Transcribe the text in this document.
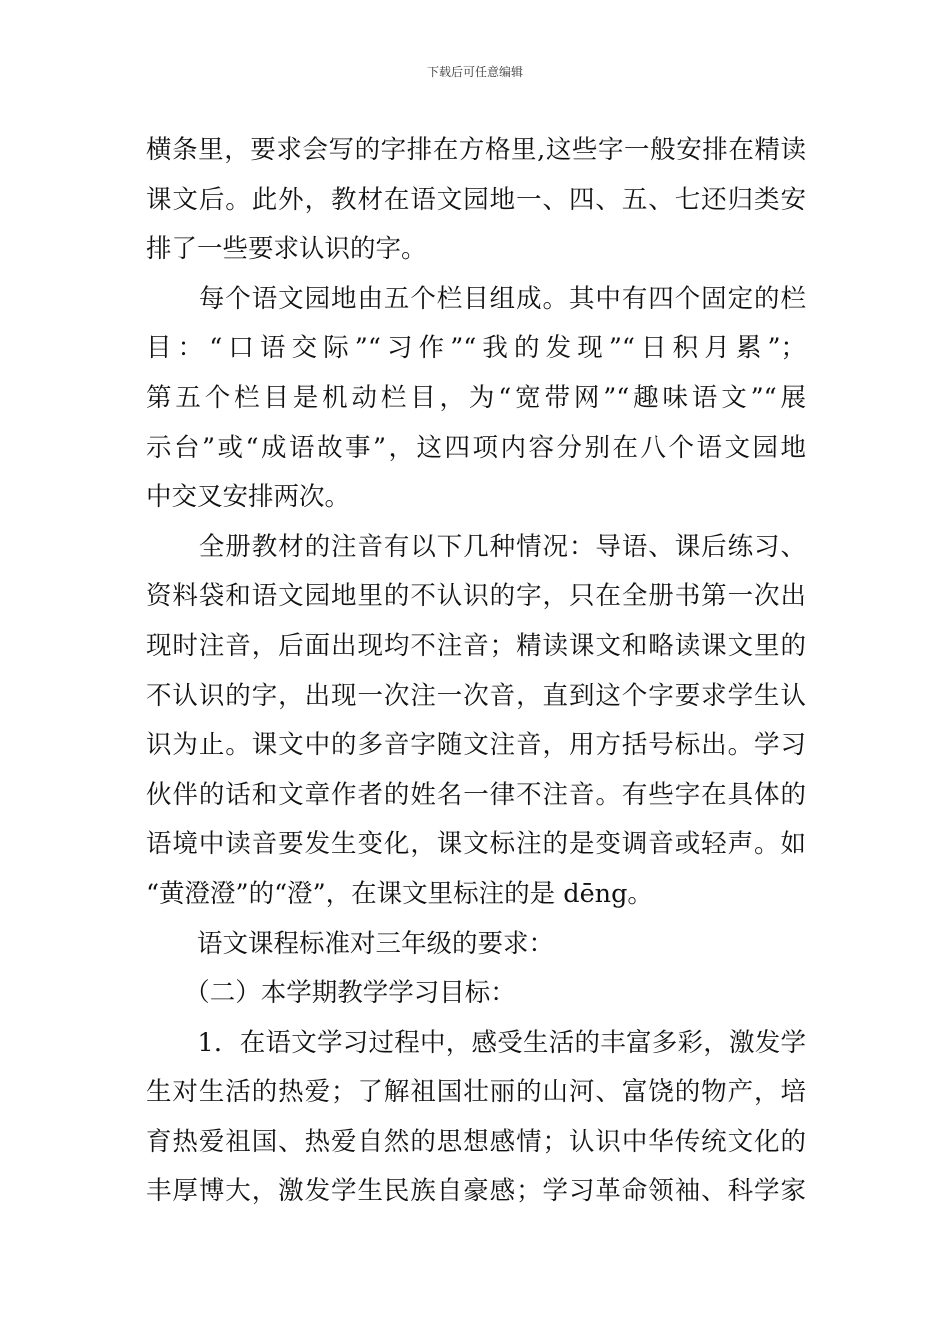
下载后可任意编辑
横条里，要求会写的字排在方格里,这些字一般安排在精读
课文后。此外，教材在语文园地一、四、五、七还归类安
排了一些要求认识的字。
　　每个语文园地由五个栏目组成。其中有四个固定的栏
目：“口语交际”“习作”“我的发现”“日积月累”；
第五个栏目是机动栏目，为“宽带网”“趣味语文”“展
示台”或“成语故事”，这四项内容分别在八个语文园地
中交叉安排两次。
　　全册教材的注音有以下几种情况：导语、课后练习、
资料袋和语文园地里的不认识的字，只在全册书第一次出
现时注音，后面出现均不注音；精读课文和略读课文里的
不认识的字，出现一次注一次音，直到这个字要求学生认
识为止。课文中的多音字随文注音，用方括号标出。学习
伙伴的话和文章作者的姓名一律不注音。有些字在具体的
语境中读音要发生变化，课文标注的是变调音或轻声。如
“黄澄澄”的“澄”，在课文里标注的是 dēng。
　　语文课程标准对三年级的要求：
　　（二）本学期教学学习目标：
　　1．在语文学习过程中，感受生活的丰富多彩，激发学
生对生活的热爱；了解祖国壮丽的山河、富饶的物产，培
育热爱祖国、热爱自然的思想感情；认识中华传统文化的
丰厚博大，激发学生民族自豪感；学习革命领袖、科学家
